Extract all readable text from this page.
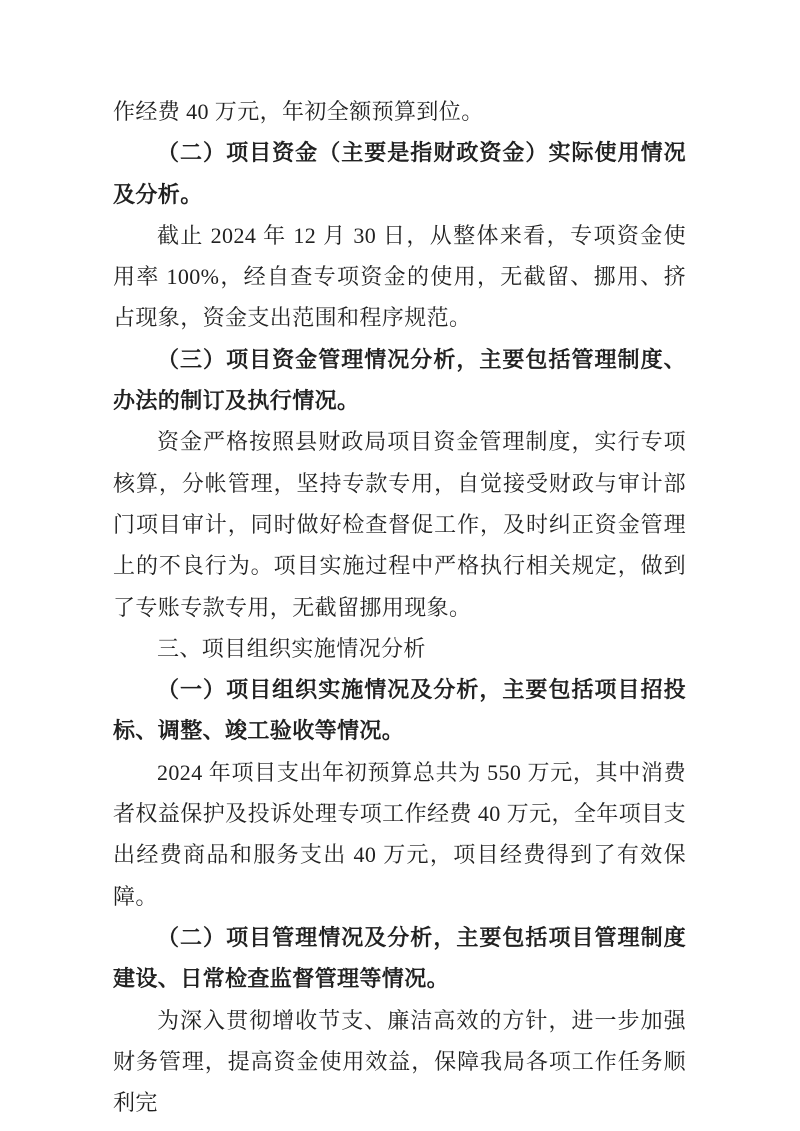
作经费 40 万元，年初全额预算到位。

（二）项目资金（主要是指财政资金）实际使用情况及分析。

截止 2024 年 12 月 30 日，从整体来看，专项资金使用率 100%，经自查专项资金的使用，无截留、挪用、挤占现象，资金支出范围和程序规范。

（三）项目资金管理情况分析，主要包括管理制度、办法的制订及执行情况。

资金严格按照县财政局项目资金管理制度，实行专项核算，分帐管理，坚持专款专用，自觉接受财政与审计部门项目审计，同时做好检查督促工作，及时纠正资金管理上的不良行为。项目实施过程中严格执行相关规定，做到了专账专款专用，无截留挪用现象。

三、项目组织实施情况分析

（一）项目组织实施情况及分析，主要包括项目招投标、调整、竣工验收等情况。

2024 年项目支出年初预算总共为 550 万元，其中消费者权益保护及投诉处理专项工作经费 40 万元，全年项目支出经费商品和服务支出 40 万元，项目经费得到了有效保障。

（二）项目管理情况及分析，主要包括项目管理制度建设、日常检查监督管理等情况。

为深入贯彻增收节支、廉洁高效的方针，进一步加强财务管理，提高资金使用效益，保障我局各项工作任务顺利完
